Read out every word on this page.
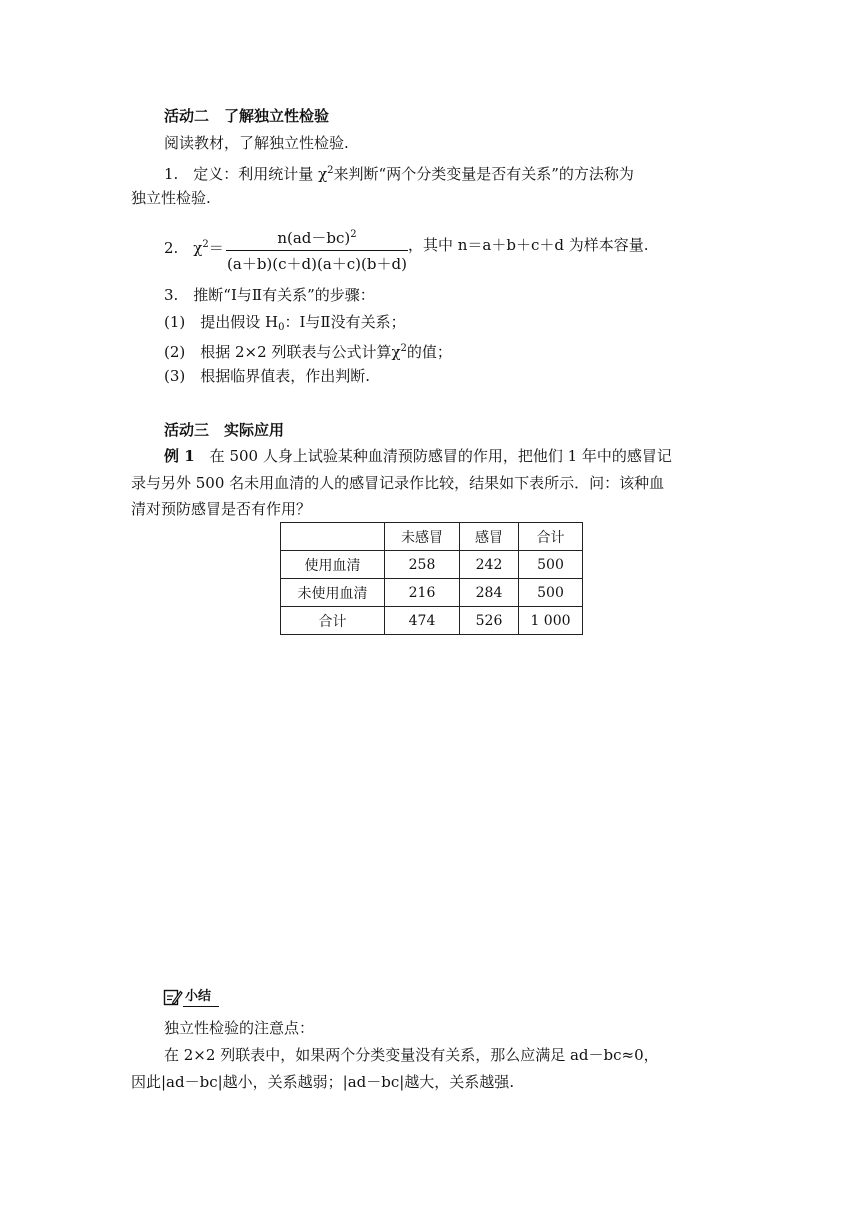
活动二　了解独立性检验
阅读教材，了解独立性检验.
1.　定义：利用统计量 $\chi^2$来判断“两个分类变量是否有关系”的方法称为
独立性检验.
2.　$\chi^2=$
$n(ad-bc)^2$
(a＋b)(c＋d)(a＋c)(b＋d)
，其中 n＝a＋b＋c＋d 为样本容量.
3.　推断“Ⅰ与Ⅱ有关系”的步骤：
(1)　提出假设 $H_0$：Ⅰ与Ⅱ没有关系；
(2)　根据 2×2 列联表与公式计算$\chi^2$的值；
(3)　根据临界值表，作出判断.
活动三　实际应用
例 1　在 500 人身上试验某种血清预防感冒的作用，把他们 1 年中的感冒记
录与另外 500 名未用血清的人的感冒记录作比较，结果如下表所示．问：该种血
清对预防感冒是否有作用？
	未感冒	感冒	合计
使用血清	258	242	500
未使用血清	216	284	500
合计	474	526	1 000
小结
独立性检验的注意点：
在 2×2 列联表中，如果两个分类变量没有关系，那么应满足 ad－bc≈0，
因此|ad－bc|越小，关系越弱；|ad－bc|越大，关系越强.
